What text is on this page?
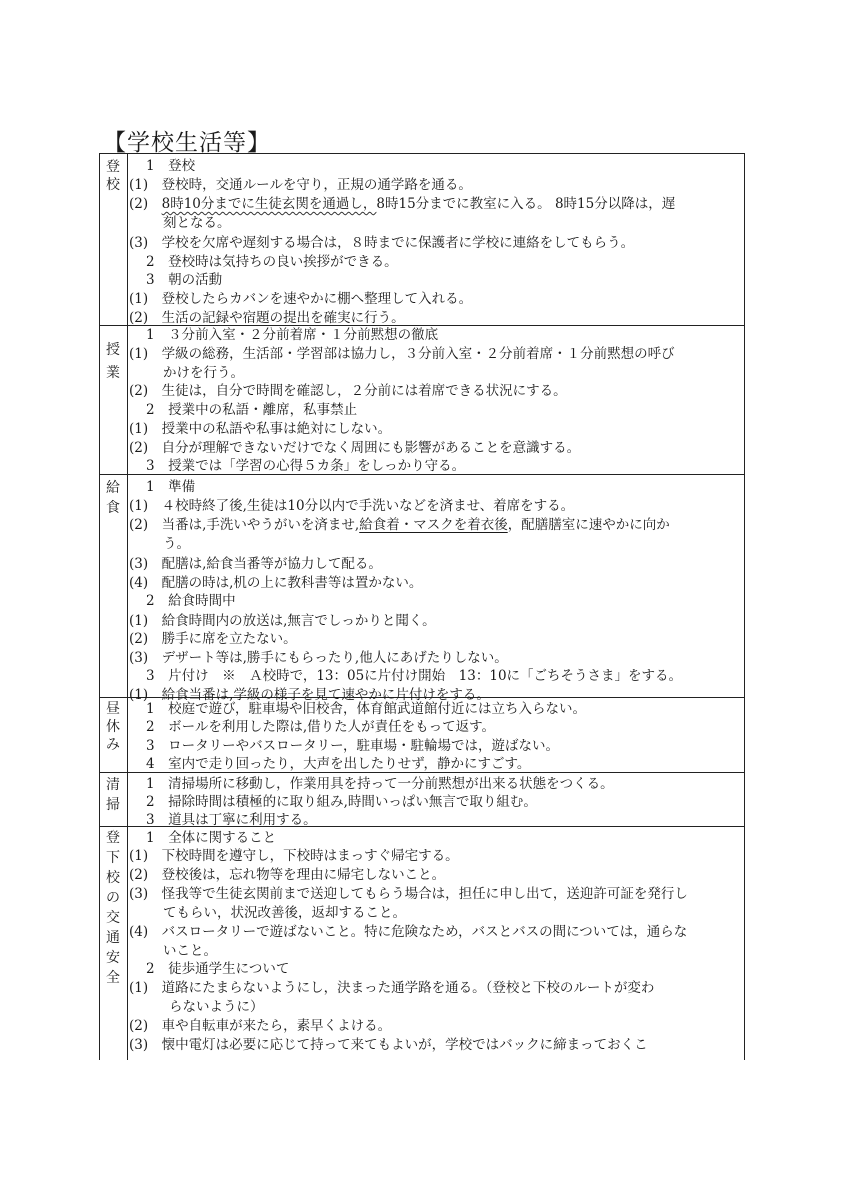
【学校生活等】
登
校
1　登校
(1)　登校時，交通ルールを守り，正規の通学路を通る。
(2)　8時10分までに生徒玄関を通過し，8時15分までに教室に入る。 8時15分以降は，遅
刻となる。
(3)　学校を欠席や遅刻する場合は，８時までに保護者に学校に連絡をしてもらう。
2　登校時は気持ちの良い挨拶ができる。
3　朝の活動
(1)　登校したらカバンを速やかに棚へ整理して入れる。
(2)　生活の記録や宿題の提出を確実に行う。
授
業
1　３分前入室・２分前着席・１分前黙想の徹底
(1)　学級の総務，生活部・学習部は協力し，３分前入室・２分前着席・１分前黙想の呼び
かけを行う。
(2)　生徒は，自分で時間を確認し，２分前には着席できる状況にする。
2　授業中の私語・離席，私事禁止
(1)　授業中の私語や私事は絶対にしない。
(2)　自分が理解できないだけでなく周囲にも影響があることを意識する。
3　授業では「学習の心得５カ条」をしっかり守る。
給
食
1　準備
(1)　４校時終了後,生徒は10分以内で手洗いなどを済ませ、着席をする。
(2)　当番は,手洗いやうがいを済ませ,給食着・マスクを着衣後，配膳膳室に速やかに向か
う。
(3)　配膳は,給食当番等が協力して配る。
(4)　配膳の時は,机の上に教科書等は置かない。
2　給食時間中
(1)　給食時間内の放送は,無言でしっかりと聞く。
(2)　勝手に席を立たない。
(3)　デザート等は,勝手にもらったり,他人にあげたりしない。
3　片付け　※　Ａ校時で，13：05に片付け開始　13：10に「ごちそうさま」をする。
(1)　給食当番は,学級の様子を見て速やかに片付けをする。
昼
休
み
1　校庭で遊び，駐車場や旧校舎，体育館武道館付近には立ち入らない。
2　ボールを利用した際は,借りた人が責任をもって返す。
3　ロータリーやバスロータリー，駐車場・駐輪場では，遊ばない。
4　室内で走り回ったり，大声を出したりせず，静かにすごす。
清
掃
1　清掃場所に移動し，作業用具を持って一分前黙想が出来る状態をつくる。
2　掃除時間は積極的に取り組み,時間いっぱい無言で取り組む。
3　道具は丁寧に利用する。
登
下
校
の
交
通
安
全
1　全体に関すること
(1)　下校時間を遵守し，下校時はまっすぐ帰宅する。
(2)　登校後は，忘れ物等を理由に帰宅しないこと。
(3)　怪我等で生徒玄関前まで送迎してもらう場合は，担任に申し出て，送迎許可証を発行し
てもらい，状況改善後，返却すること。
(4)　バスロータリーで遊ばないこと。特に危険なため，バスとバスの間については，通らな
いこと。
2　徒歩通学生について
(1)　道路にたまらないようにし，決まった通学路を通る。（登校と下校のルートが変わ
らないように）
(2)　車や自転車が来たら，素早くよける。
(3)　懐中電灯は必要に応じて持って来てもよいが，学校ではバックに締まっておくこ
